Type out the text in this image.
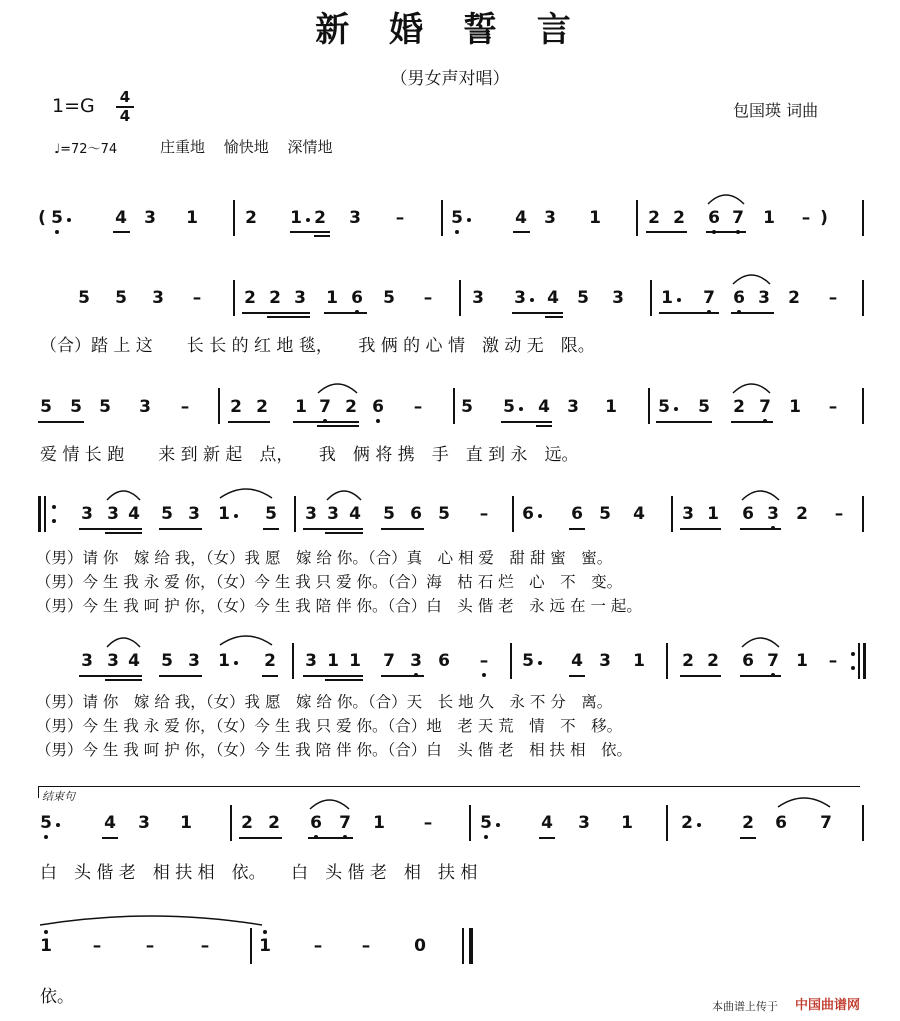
新 婚 誓 言
（男女声对唱）
1=G 4
4	包国瑛 词曲
♩=72～74	庄重地 愉快地 深情地
( 5	4 3 1	2 1 2 3 –	5	4 3 1	2 2 6 7 1 – )
5 5 3 –	2 2 3 1 6 5 – 3 3 4 5 3 1 7 6 3 2 –
5 5 5 3 – 2 2 1 7 2 6 – 5 5 4 3 1 5 5 2 7 1 –
3 3 4 5 3 1 5 3 3 4 5 6 5 – 6 6 5 4 3 1 6 3 2 –
3 3 4 5 3 1 2 3 1 1 7 3 6 – 5 4 3 1 2 2 6 7 1 –
5	4 3 1	2 2 6 7 1 –	5	4 3 1	2	2 6 7
1 –	–	–	1	– –	0
（合）踏 上 这　　长 长 的 红 地 毯，　　我 俩 的 心 情　激 动 无　限。
爱 情 长 跑　　来 到 新 起　点，　　我　俩 将 携　手　直 到 永　远。
（男）请 你　嫁 给 我，（女）我 愿　嫁 给 你。（合）真　心 相 爱　甜 甜 蜜　蜜。
（男）今 生 我 永 爱 你，（女）今 生 我 只 爱 你。（合）海　枯 石 烂　心　不　变。
（男）今 生 我 呵 护 你，（女）今 生 我 陪 伴 你。（合）白　头 偕 老　永 远 在 一 起。
（男）请 你　嫁 给 我，（女）我 愿　嫁 给 你。（合）天　长 地 久　永 不 分　离。
（男）今 生 我 永 爱 你，（女）今 生 我 只 爱 你。（合）地　老 天 荒　情　不　移。
（男）今 生 我 呵 护 你，（女）今 生 我 陪 伴 你。（合）白　头 偕 老　相 扶 相　依。
结束句
白　头 偕 老　相 扶 相　依。　　白　头 偕 老　相　扶 相
依。	本曲谱上传于 中国曲谱网
